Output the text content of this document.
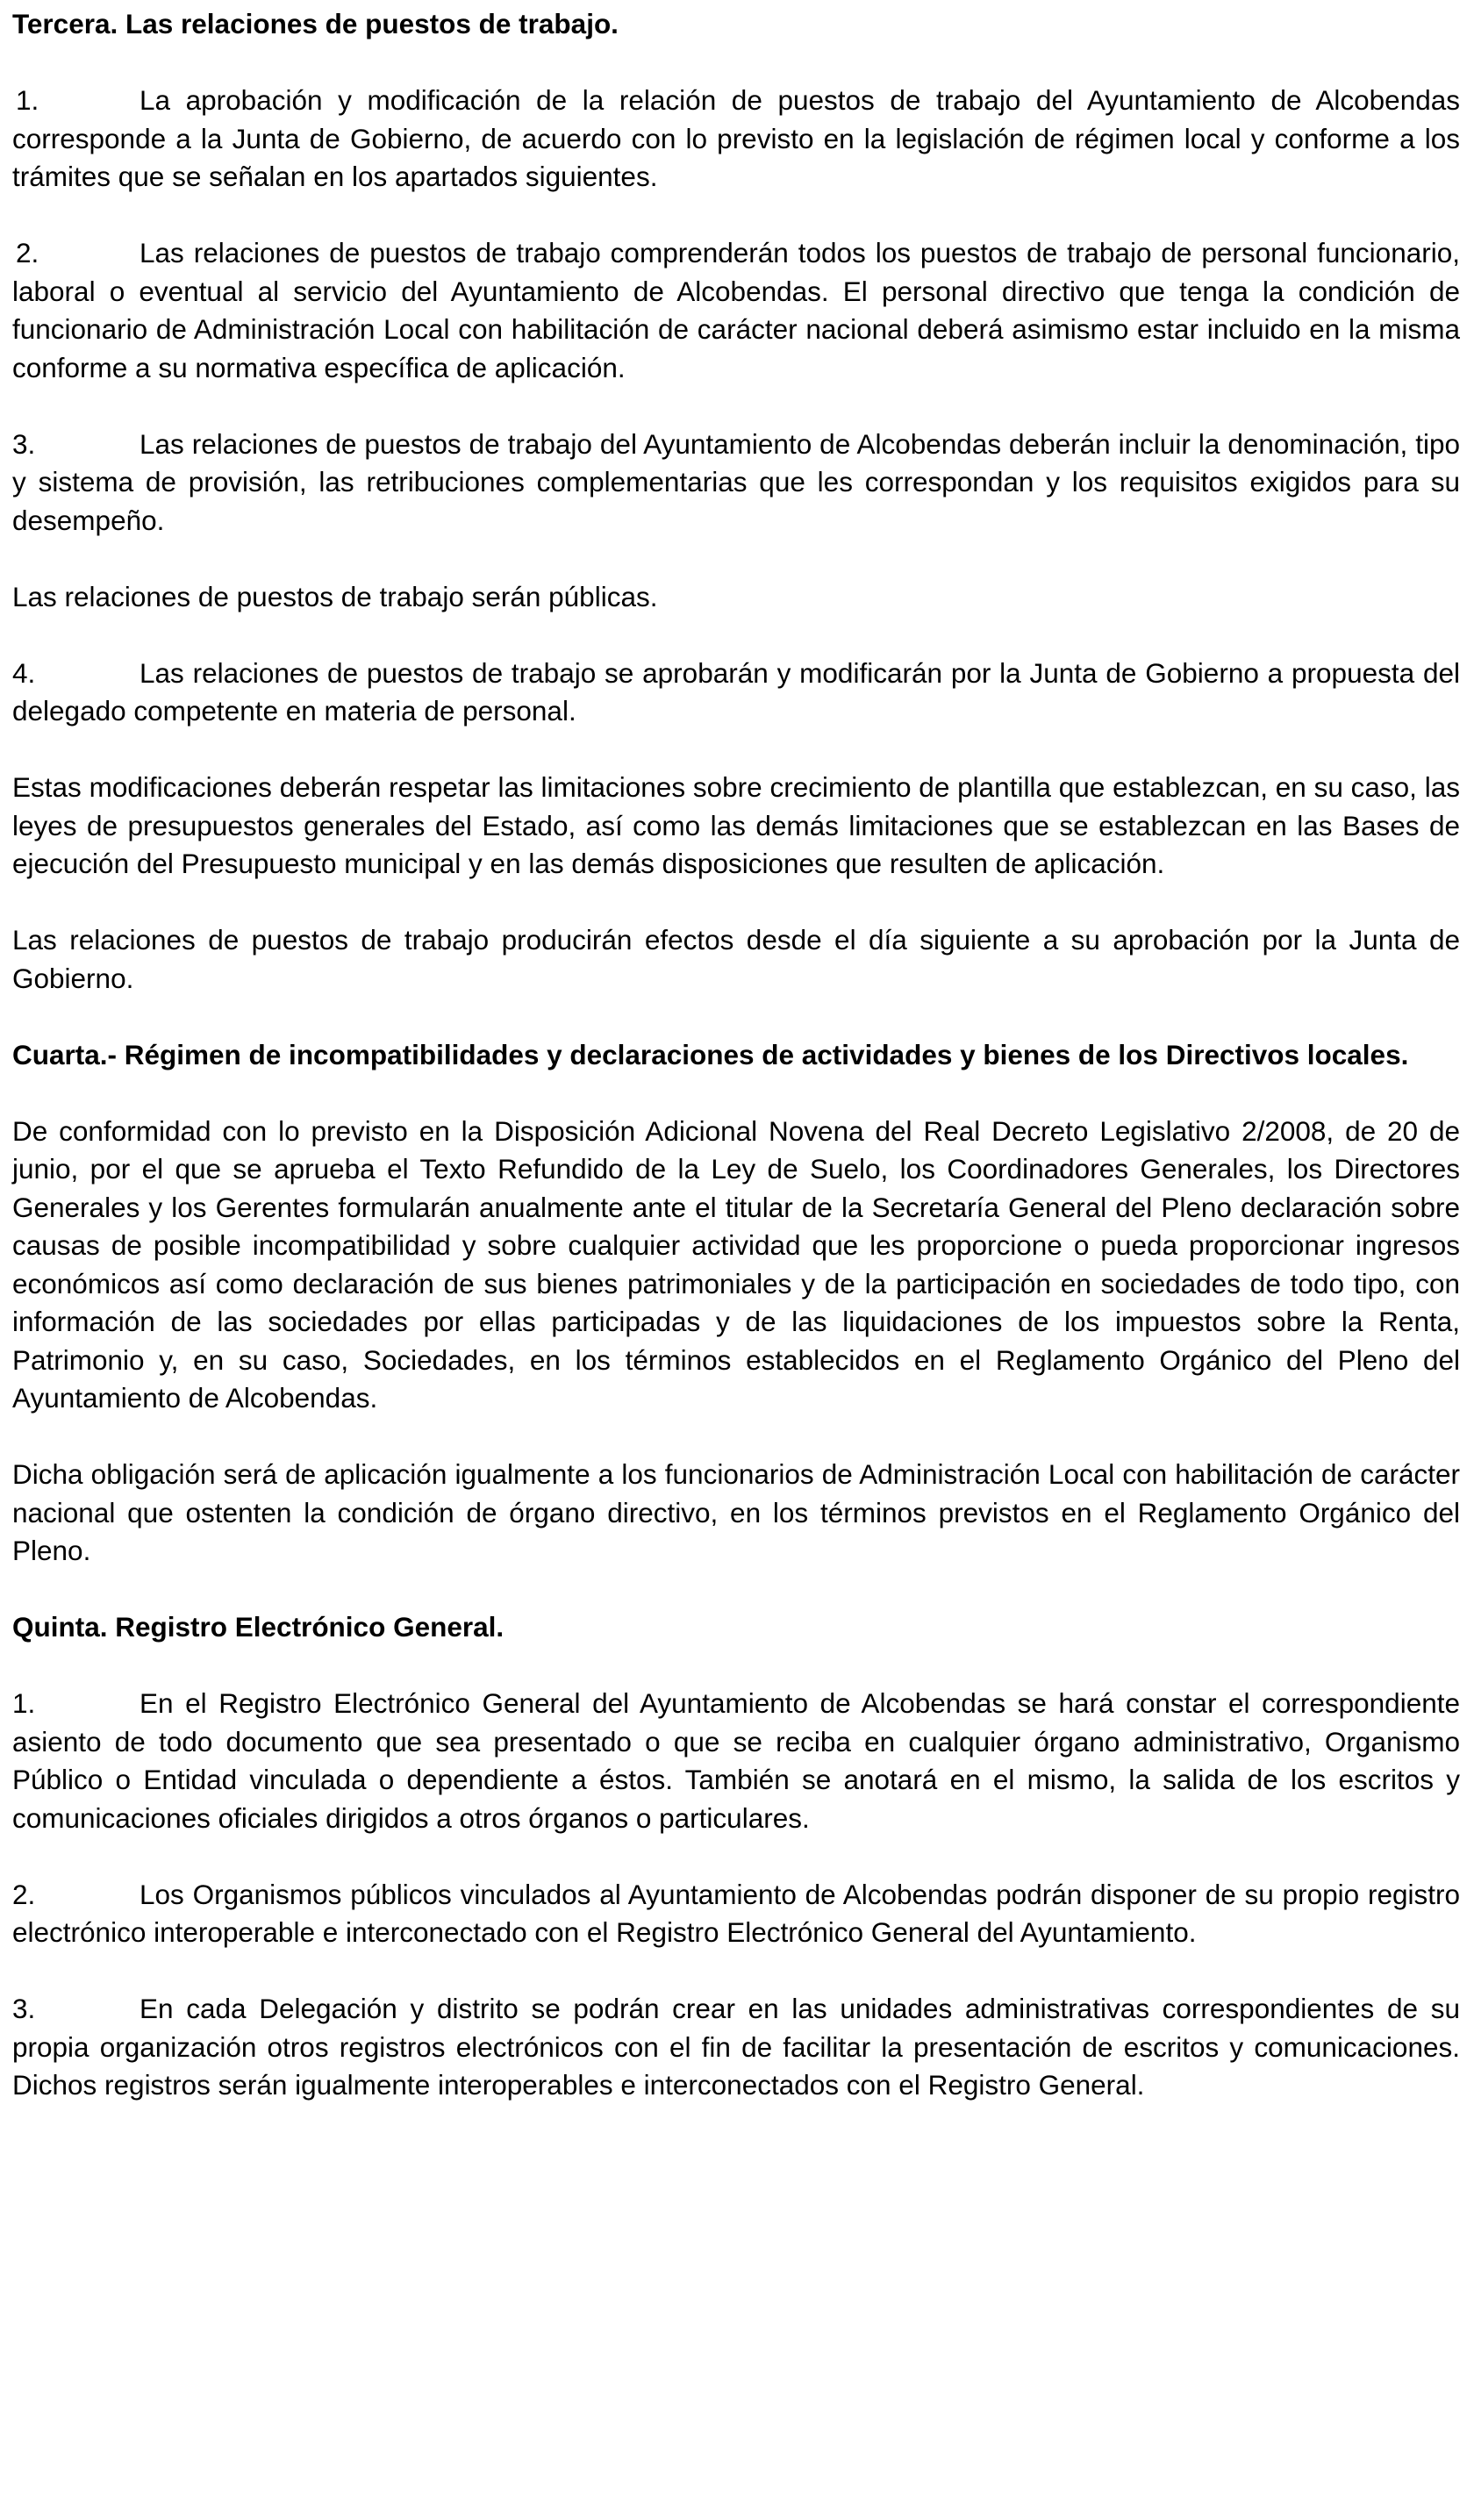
Tercera. Las relaciones de puestos de trabajo.
1.	La aprobación y modificación de la relación de puestos de trabajo del Ayuntamiento de Alcobendas corresponde a la Junta de Gobierno, de acuerdo con lo previsto en la legislación de régimen local y conforme a los trámites que se señalan en los apartados siguientes.
2.	Las relaciones de puestos de trabajo comprenderán todos los puestos de trabajo de personal funcionario, laboral o eventual al servicio del Ayuntamiento de Alcobendas. El personal directivo que tenga la condición de funcionario de Administración Local con habilitación de carácter nacional deberá asimismo estar incluido en la misma conforme a su normativa específica de aplicación.
3.	Las relaciones de puestos de trabajo del Ayuntamiento de Alcobendas deberán incluir la denominación, tipo y sistema de provisión, las retribuciones complementarias que les correspondan y los requisitos exigidos para su desempeño.
Las relaciones de puestos de trabajo serán públicas.
4.	Las relaciones de puestos de trabajo se aprobarán y modificarán por la Junta de Gobierno a propuesta del delegado competente en materia de personal.
Estas modificaciones deberán respetar las limitaciones sobre crecimiento de plantilla que establezcan, en su caso, las leyes de presupuestos generales del Estado, así como las demás limitaciones que se establezcan en las Bases de ejecución del Presupuesto municipal y en las demás disposiciones que resulten de aplicación.
Las relaciones de puestos de trabajo producirán efectos desde el día siguiente a su aprobación por la Junta de Gobierno.
Cuarta.- Régimen de incompatibilidades y declaraciones de actividades y bienes de los Directivos locales.
De conformidad con lo previsto en la Disposición Adicional Novena del Real Decreto Legislativo 2/2008, de 20 de junio, por el que se aprueba el Texto Refundido de la Ley de Suelo, los Coordinadores Generales, los Directores Generales y los Gerentes formularán anualmente ante el titular de la Secretaría General del Pleno declaración sobre causas de posible incompatibilidad y sobre cualquier actividad que les proporcione o pueda proporcionar ingresos económicos así como declaración de sus bienes patrimoniales y de la participación en sociedades de todo tipo, con información de las sociedades por ellas participadas y de las liquidaciones de los impuestos sobre la Renta, Patrimonio y, en su caso, Sociedades, en los términos establecidos en el Reglamento Orgánico del Pleno del Ayuntamiento de Alcobendas.
Dicha obligación será de aplicación igualmente a los funcionarios de Administración Local con habilitación de carácter nacional que ostenten la condición de órgano directivo, en los términos previstos en el Reglamento Orgánico del Pleno.
Quinta. Registro Electrónico General.
1.	En el Registro Electrónico General del Ayuntamiento de Alcobendas se hará constar el correspondiente asiento de todo documento que sea presentado o que se reciba en cualquier órgano administrativo, Organismo Público o Entidad vinculada o dependiente a éstos. También se anotará en el mismo, la salida de los escritos y comunicaciones oficiales dirigidos a otros órganos o particulares.
2.	Los Organismos públicos vinculados al Ayuntamiento de Alcobendas podrán disponer de su propio registro electrónico interoperable e interconectado con el Registro Electrónico General del Ayuntamiento.
3.	En cada Delegación y distrito se podrán crear en las unidades administrativas correspondientes de su propia organización otros registros electrónicos con el fin de facilitar la presentación de escritos y comunicaciones. Dichos registros serán igualmente interoperables e interconectados con el Registro General.
